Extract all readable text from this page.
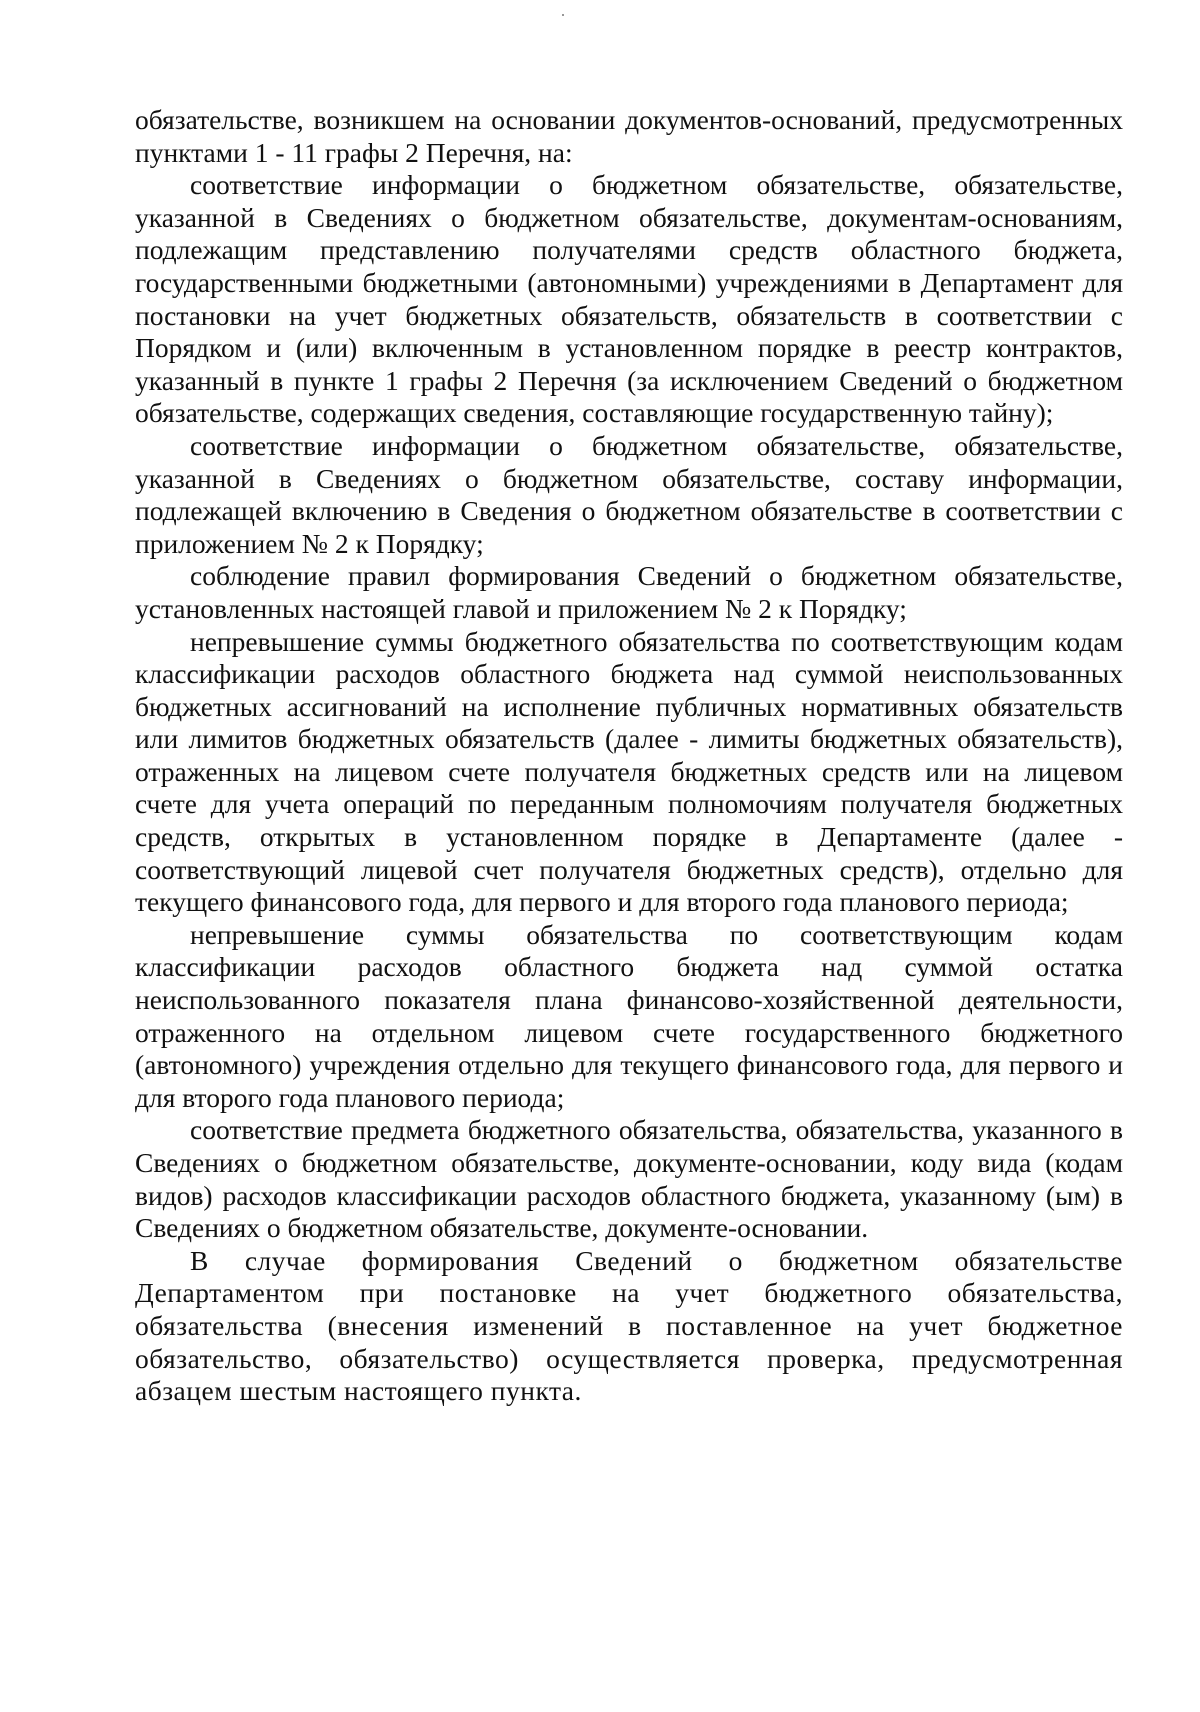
обязательстве, возникшем на основании документов-оснований, предусмотренных пунктами 1 - 11 графы 2 Перечня, на:

соответствие информации о бюджетном обязательстве, обязательстве, указанной в Сведениях о бюджетном обязательстве, документам-основаниям, подлежащим представлению получателями средств областного бюджета, государственными бюджетными (автономными) учреждениями в Департамент для постановки на учет бюджетных обязательств, обязательств в соответствии с Порядком и (или) включенным в установленном порядке в реестр контрактов, указанный в пункте 1 графы 2 Перечня (за исключением Сведений о бюджетном обязательстве, содержащих сведения, составляющие государственную тайну);

соответствие информации о бюджетном обязательстве, обязательстве, указанной в Сведениях о бюджетном обязательстве, составу информации, подлежащей включению в Сведения о бюджетном обязательстве в соответствии с приложением № 2 к Порядку;

соблюдение правил формирования Сведений о бюджетном обязательстве, установленных настоящей главой и приложением № 2 к Порядку;

непревышение суммы бюджетного обязательства по соответствующим кодам классификации расходов областного бюджета над суммой неиспользованных бюджетных ассигнований на исполнение публичных нормативных обязательств или лимитов бюджетных обязательств (далее - лимиты бюджетных обязательств), отраженных на лицевом счете получателя бюджетных средств или на лицевом счете для учета операций по переданным полномочиям получателя бюджетных средств, открытых в установленном порядке в Департаменте (далее - соответствующий лицевой счет получателя бюджетных средств), отдельно для текущего финансового года, для первого и для второго года планового периода;

непревышение суммы обязательства по соответствующим кодам классификации расходов областного бюджета над суммой остатка неиспользованного показателя плана финансово-хозяйственной деятельности, отраженного на отдельном лицевом счете государственного бюджетного (автономного) учреждения отдельно для текущего финансового года, для первого и для второго года планового периода;

соответствие предмета бюджетного обязательства, обязательства, указанного в Сведениях о бюджетном обязательстве, документе-основании, коду вида (кодам видов) расходов классификации расходов областного бюджета, указанному (ым) в Сведениях о бюджетном обязательстве, документе-основании.

В случае формирования Сведений о бюджетном обязательстве Департаментом при постановке на учет бюджетного обязательства, обязательства (внесения изменений в поставленное на учет бюджетное обязательство, обязательство) осуществляется проверка, предусмотренная абзацем шестым настоящего пункта.
